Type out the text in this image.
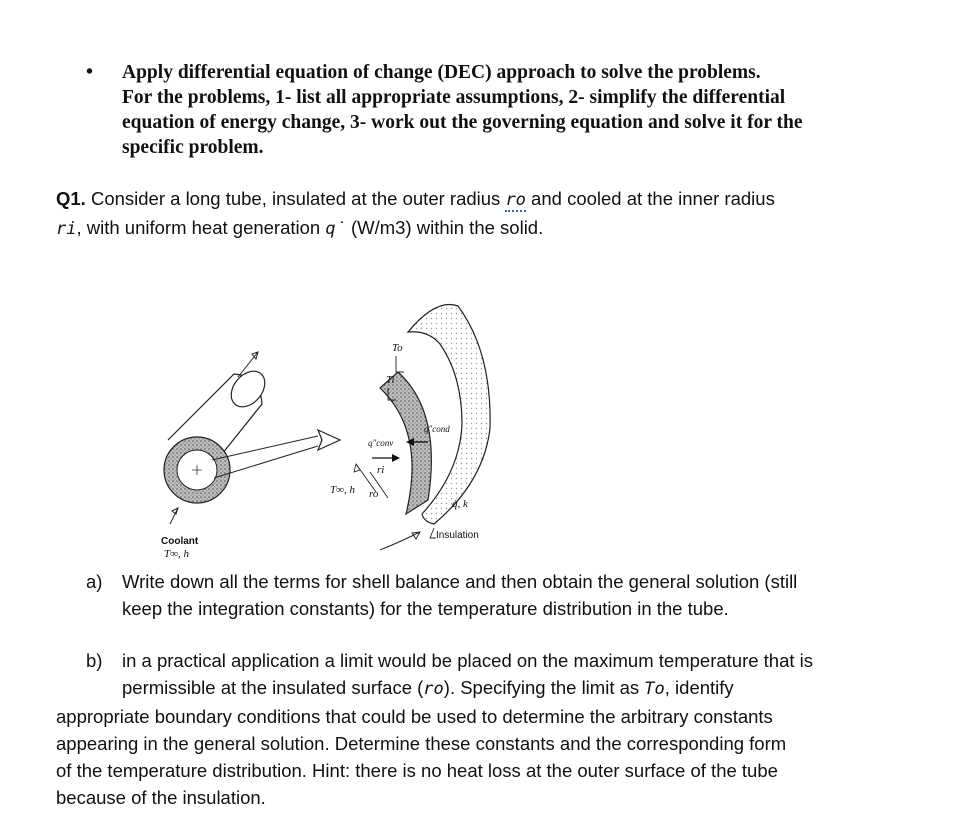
• Apply differential equation of change (DEC) approach to solve the problems.
For the problems, 1- list all appropriate assumptions, 2- simplify the differential
equation of energy change, 3- work out the governing equation and solve it for the
specific problem.
Q1. Consider a long tube, insulated at the outer radius ro and cooled at the inner radius
ri, with uniform heat generation q̇ (W/m3) within the solid.
Coolant
T∞, h
T∞, h
To
Ti
q″conv
q″cond
ri
ro
q̇, k
Insulation
a) Write down all the terms for shell balance and then obtain the general solution (still
keep the integration constants) for the temperature distribution in the tube.
b) in a practical application a limit would be placed on the maximum temperature that is
permissible at the insulated surface (ro). Specifying the limit as To, identify
appropriate boundary conditions that could be used to determine the arbitrary constants
appearing in the general solution. Determine these constants and the corresponding form
of the temperature distribution. Hint: there is no heat loss at the outer surface of the tube
because of the insulation.
